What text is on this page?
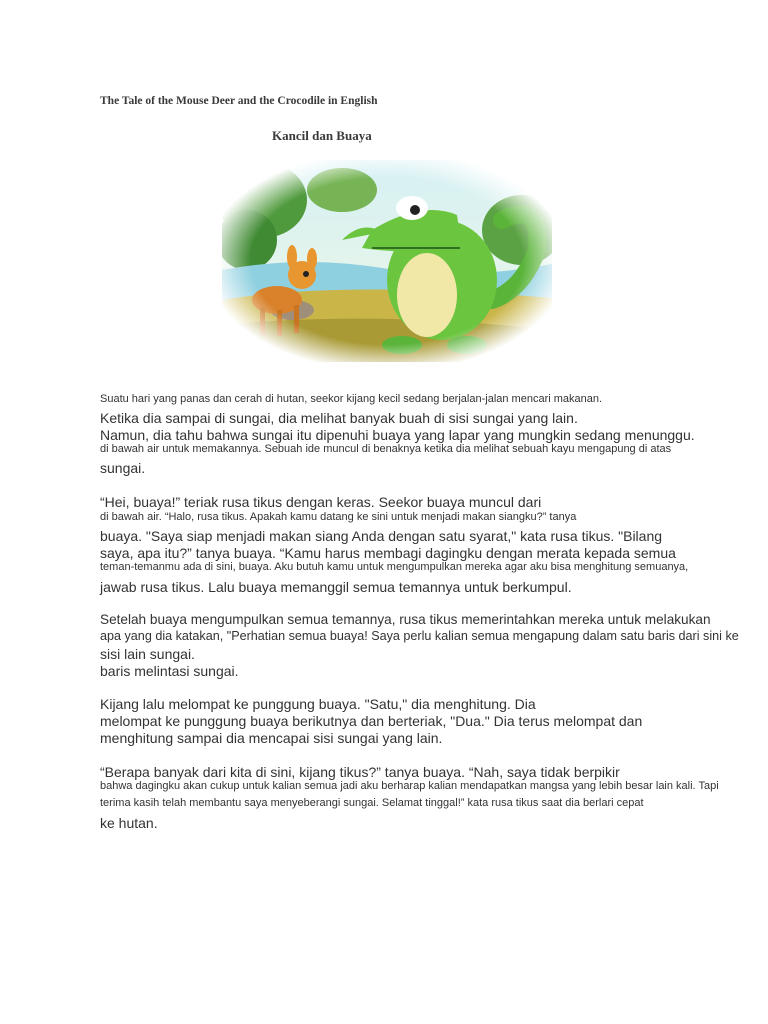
The Tale of the Mouse Deer and the Crocodile in English
Kancil dan Buaya
Suatu hari yang panas dan cerah di hutan, seekor kijang kecil sedang berjalan-jalan mencari makanan.
Ketika dia sampai di sungai, dia melihat banyak buah di sisi sungai yang lain.
Namun, dia tahu bahwa sungai itu dipenuhi buaya yang lapar yang mungkin sedang menunggu.
di bawah air untuk memakannya. Sebuah ide muncul di benaknya ketika dia melihat sebuah kayu mengapung di atas
sungai.
“Hei, buaya!” teriak rusa tikus dengan keras. Seekor buaya muncul dari
di bawah air. “Halo, rusa tikus. Apakah kamu datang ke sini untuk menjadi makan siangku?” tanya
buaya. "Saya siap menjadi makan siang Anda dengan satu syarat," kata rusa tikus. "Bilang
saya, apa itu?” tanya buaya. “Kamu harus membagi dagingku dengan merata kepada semua
teman-temanmu ada di sini, buaya. Aku butuh kamu untuk mengumpulkan mereka agar aku bisa menghitung semuanya,
jawab rusa tikus. Lalu buaya memanggil semua temannya untuk berkumpul.
Setelah buaya mengumpulkan semua temannya, rusa tikus memerintahkan mereka untuk melakukan
apa yang dia katakan, "Perhatian semua buaya! Saya perlu kalian semua mengapung dalam satu baris dari sini ke
sisi lain sungai.
baris melintasi sungai.
Kijang lalu melompat ke punggung buaya. "Satu," dia menghitung. Dia
melompat ke punggung buaya berikutnya dan berteriak, "Dua." Dia terus melompat dan
menghitung sampai dia mencapai sisi sungai yang lain.
“Berapa banyak dari kita di sini, kijang tikus?” tanya buaya. “Nah, saya tidak berpikir
bahwa dagingku akan cukup untuk kalian semua jadi aku berharap kalian mendapatkan mangsa yang lebih besar lain kali. Tapi
terima kasih telah membantu saya menyeberangi sungai. Selamat tinggal!” kata rusa tikus saat dia berlari cepat
ke hutan.
